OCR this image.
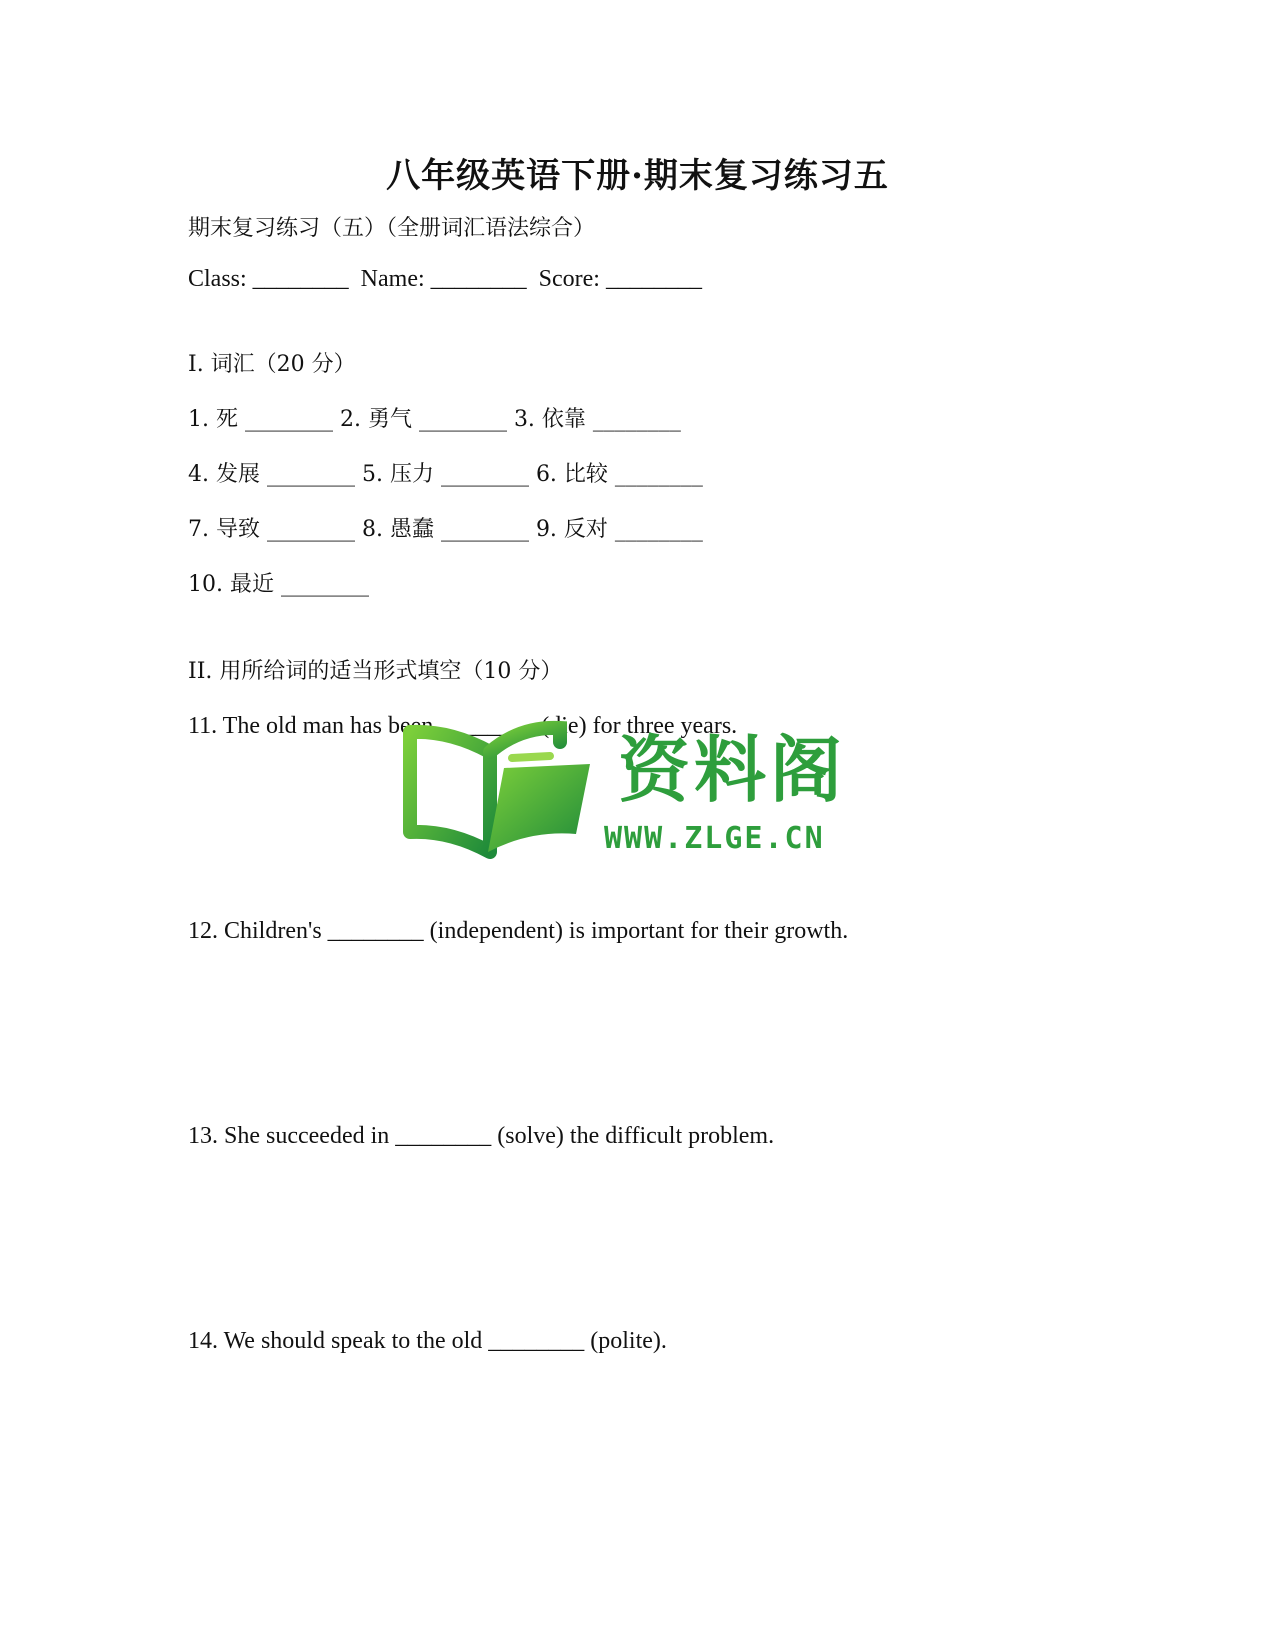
八年级英语下册·期末复习练习五
期末复习练习（五）（全册词汇语法综合）
Class: ________  Name: ________  Score: ________
I. 词汇（20 分）
1. 死 ________ 2. 勇气 ________ 3. 依靠 ________
4. 发展 ________ 5. 压力 ________ 6. 比较 ________
7. 导致 ________ 8. 愚蠢 ________ 9. 反对 ________
10. 最近 ________
II. 用所给词的适当形式填空（10 分）
11. The old man has been ________ (die) for three years.
12. Children's ________ (independent) is important for their growth.
13. She succeeded in ________ (solve) the difficult problem.
14. We should speak to the old ________ (polite).
资料阁
WWW.ZLGE.CN
